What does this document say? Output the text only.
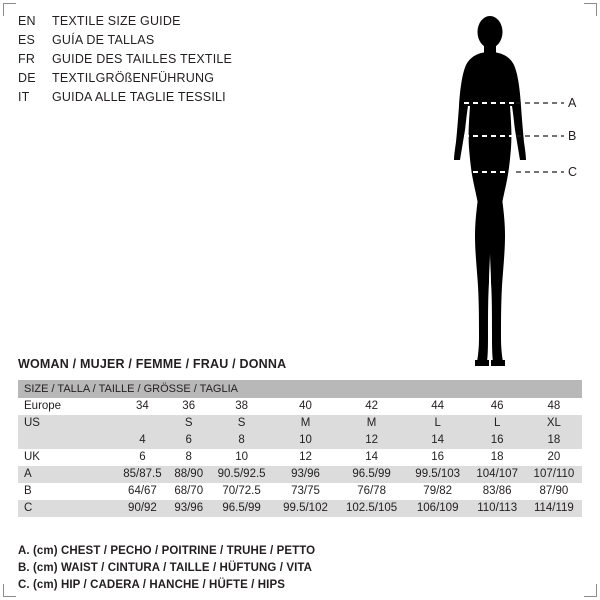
EN	TEXTILE SIZE GUIDE
ES	GUÍA DE TALLAS
FR	GUIDE DES TAILLES TEXTILE
DE	TEXTILGRÖßENFÜHRUNG
IT	GUIDA ALLE TAGLIE TESSILI	A
B
C
WOMAN / MUJER / FEMME / FRAU / DONNA
SIZE / TALLA / TAILLE / GRÖSSE / TAGLIA								
Europe	34	36	38	40	42	44	46	48
US		S	S	M	M	L	L	XL
	4	6	8	10	12	14	16	18
UK	6	8	10	12	14	16	18	20
A	85/87.5	88/90	90.5/92.5	93/96	96.5/99	99.5/103	104/107	107/110
B	64/67	68/70	70/72.5	73/75	76/78	79/82	83/86	87/90
C	90/92	93/96	96.5/99	99.5/102	102.5/105	106/109	110/113	114/119
A. (cm) CHEST / PECHO / POITRINE / TRUHE / PETTO
B. (cm) WAIST / CINTURA / TAILLE / HÜFTUNG / VITA
C. (cm) HIP / CADERA / HANCHE / HÜFTE / HIPS
